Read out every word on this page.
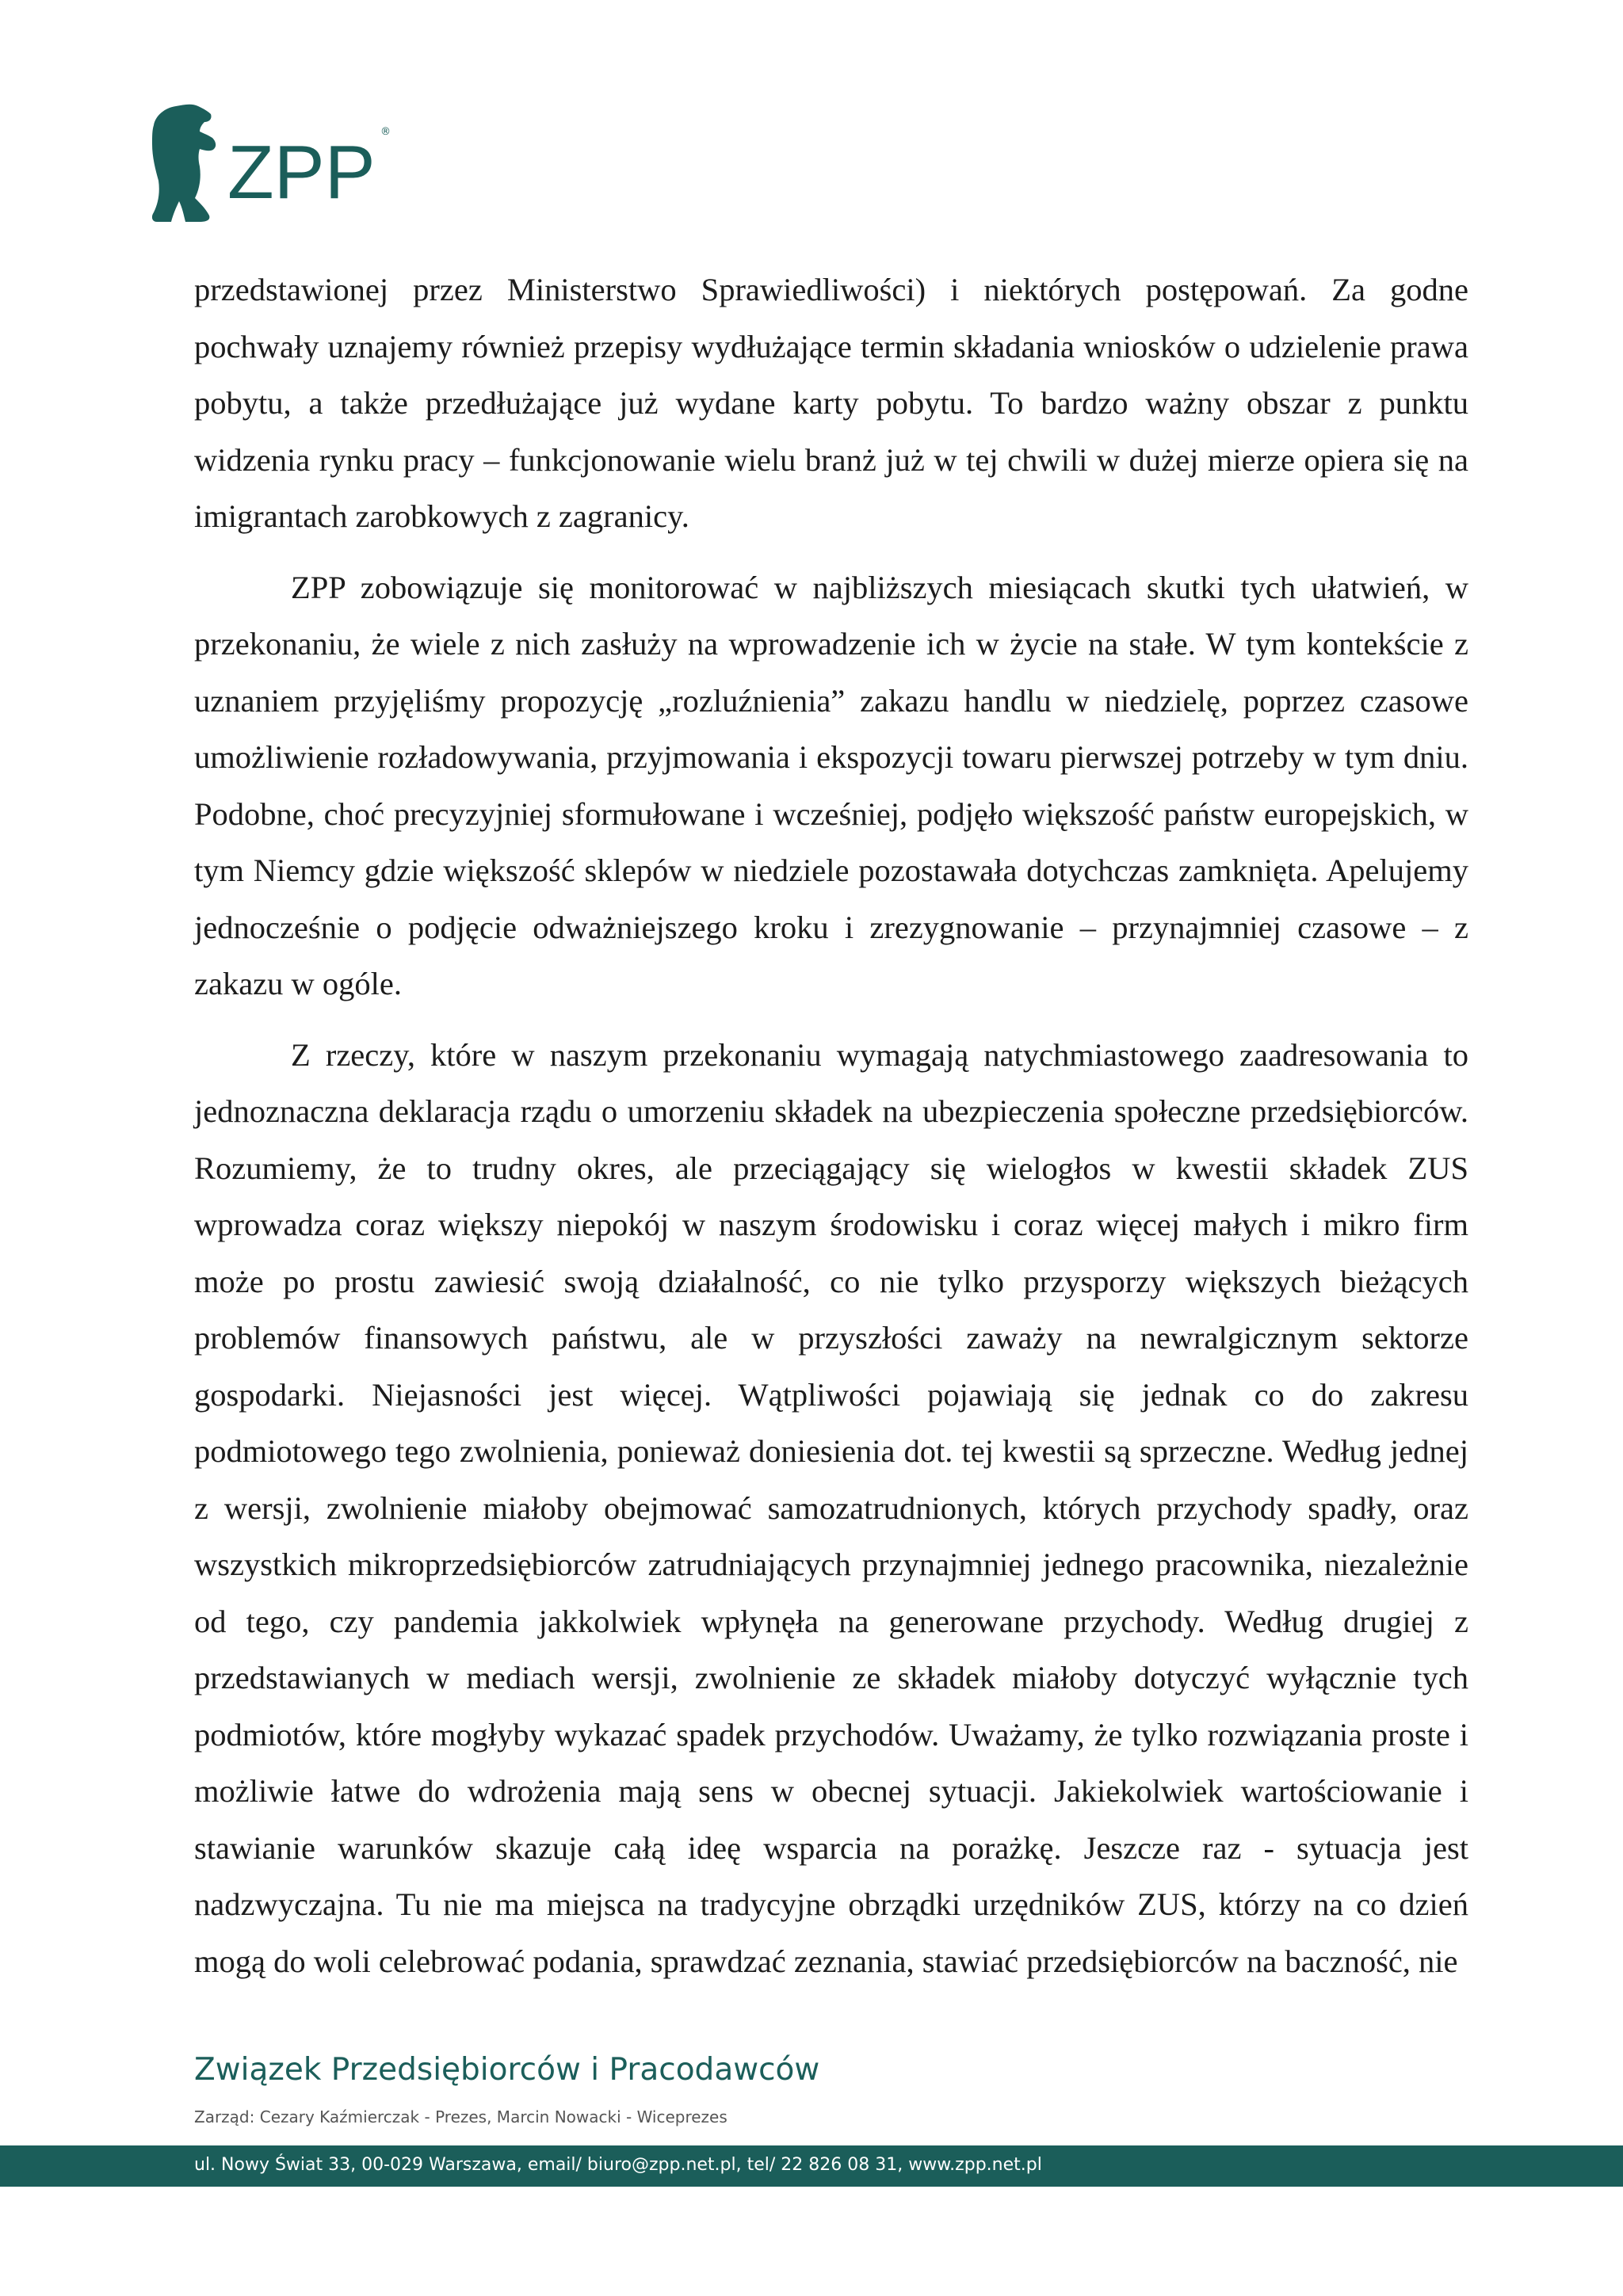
ZPP ®

przedstawionej przez Ministerstwo Sprawiedliwości) i niektórych postępowań. Za godne pochwały uznajemy również przepisy wydłużające termin składania wniosków o udzielenie prawa pobytu, a także przedłużające już wydane karty pobytu. To bardzo ważny obszar z punktu widzenia rynku pracy – funkcjonowanie wielu branż już w tej chwili w dużej mierze opiera się na imigrantach zarobkowych z zagranicy.

ZPP zobowiązuje się monitorować w najbliższych miesiącach skutki tych ułatwień, w przekonaniu, że wiele z nich zasłuży na wprowadzenie ich w życie na stałe. W tym kontekście z uznaniem przyjęliśmy propozycję „rozluźnienia” zakazu handlu w niedzielę, poprzez czasowe umożliwienie rozładowywania, przyjmowania i ekspozycji towaru pierwszej potrzeby w tym dniu. Podobne, choć precyzyjniej sformułowane i wcześniej, podjęło większość państw europejskich, w tym Niemcy gdzie większość sklepów w niedziele pozostawała dotychczas zamknięta. Apelujemy jednocześnie o podjęcie odważniejszego kroku i zrezygnowanie – przynajmniej czasowe – z zakazu w ogóle.

Z rzeczy, które w naszym przekonaniu wymagają natychmiastowego zaadresowania to jednoznaczna deklaracja rządu o umorzeniu składek na ubezpieczenia społeczne przedsiębiorców. Rozumiemy, że to trudny okres, ale przeciągający się wielogłos w kwestii składek ZUS wprowadza coraz większy niepokój w naszym środowisku i coraz więcej małych i mikro firm może po prostu zawiesić swoją działalność, co nie tylko przysporzy większych bieżących problemów finansowych państwu, ale w przyszłości zaważy na newralgicznym sektorze gospodarki. Niejasności jest więcej. Wątpliwości pojawiają się jednak co do zakresu podmiotowego tego zwolnienia, ponieważ doniesienia dot. tej kwestii są sprzeczne. Według jednej z wersji, zwolnienie miałoby obejmować samozatrudnionych, których przychody spadły, oraz wszystkich mikroprzedsiębiorców zatrudniających przynajmniej jednego pracownika, niezależnie od tego, czy pandemia jakkolwiek wpłynęła na generowane przychody. Według drugiej z przedstawianych w mediach wersji, zwolnienie ze składek miałoby dotyczyć wyłącznie tych podmiotów, które mogłyby wykazać spadek przychodów. Uważamy, że tylko rozwiązania proste i możliwie łatwe do wdrożenia mają sens w obecnej sytuacji. Jakiekolwiek wartościowanie i stawianie warunków skazuje całą ideę wsparcia na porażkę. Jeszcze raz - sytuacja jest nadzwyczajna. Tu nie ma miejsca na tradycyjne obrządki urzędników ZUS, którzy na co dzień mogą do woli celebrować podania, sprawdzać zeznania, stawiać przedsiębiorców na baczność, nie

Związek Przedsiębiorców i Pracodawców
Zarząd: Cezary Kaźmierczak - Prezes, Marcin Nowacki - Wiceprezes
ul. Nowy Świat 33, 00-029 Warszawa, email/ biuro@zpp.net.pl, tel/ 22 826 08 31, www.zpp.net.pl
